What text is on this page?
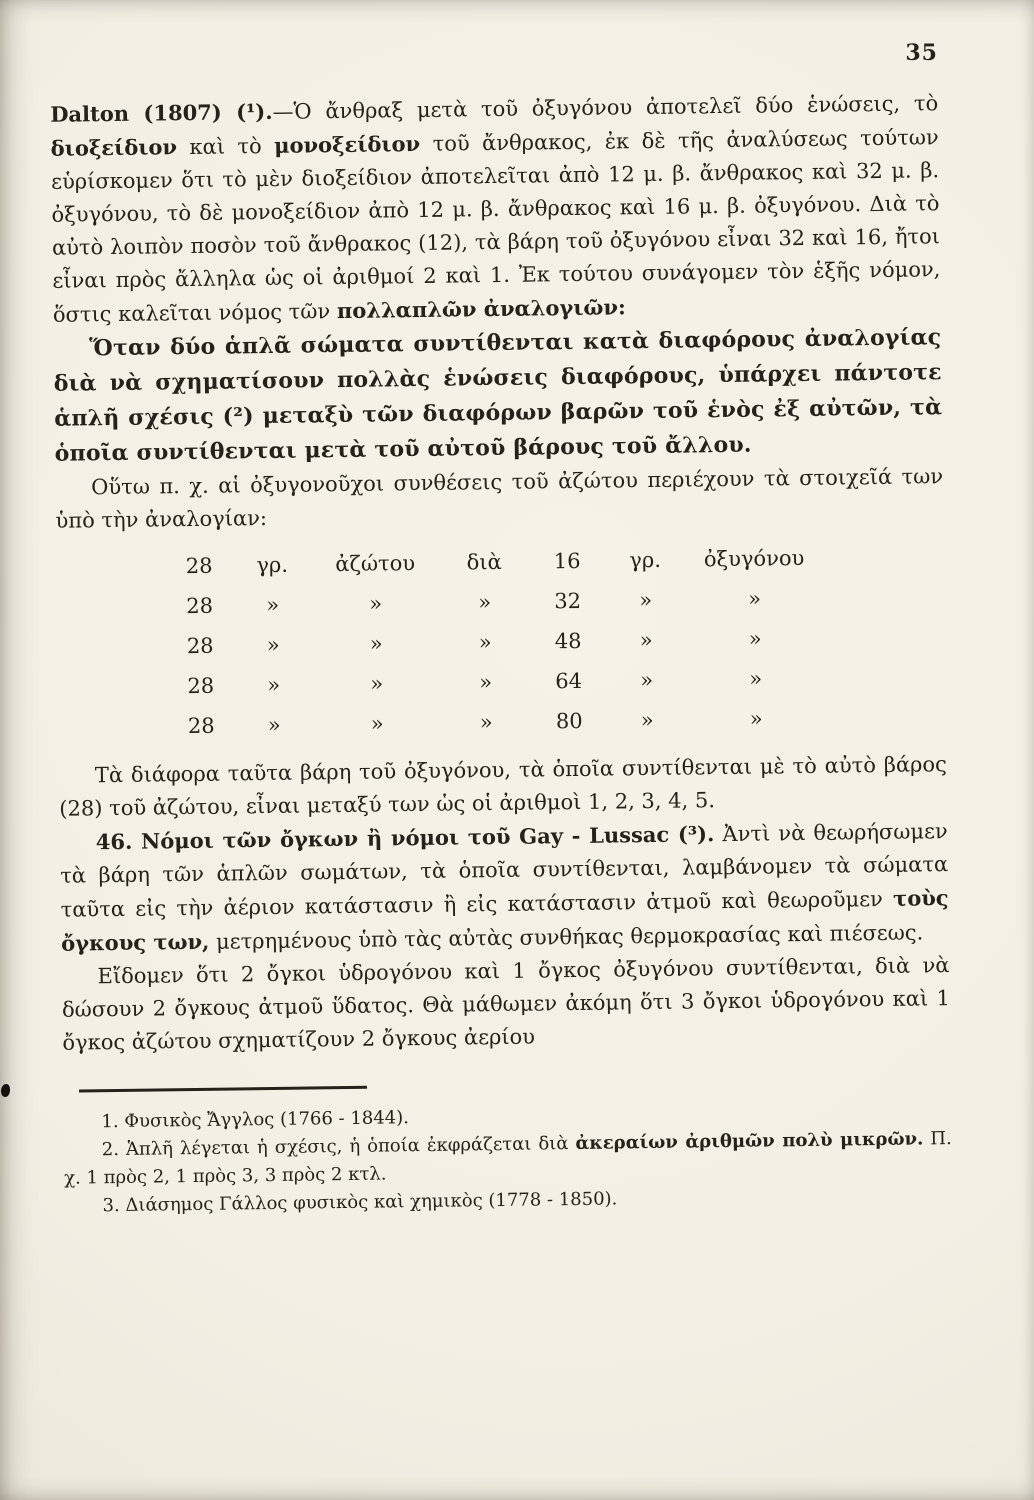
35

Dalton (1807) (¹).—Ὁ ἄνθραξ μετὰ τοῦ ὀξυγόνου ἀποτελεῖ δύο ἑνώσεις, τὸ διοξείδιον καὶ τὸ μονοξείδιον τοῦ ἄνθρακος, ἐκ δὲ τῆς ἀναλύσεως τούτων εὑρίσκομεν ὅτι τὸ μὲν διοξείδιον ἀποτελεῖται ἀπὸ 12 μ. β. ἄνθρακος καὶ 32 μ. β. ὀξυγόνου, τὸ δὲ μονοξείδιον ἀπὸ 12 μ. β. ἄνθρακος καὶ 16 μ. β. ὀξυγόνου. Διὰ τὸ αὐτὸ λοιπὸν ποσὸν τοῦ ἄνθρακος (12), τὰ βάρη τοῦ ὀξυγόνου εἶναι 32 καὶ 16, ἤτοι εἶναι πρὸς ἄλληλα ὡς οἱ ἀριθμοί 2 καὶ 1. Ἐκ τούτου συνάγομεν τὸν ἑξῆς νόμον, ὅστις καλεῖται νόμος τῶν πολλαπλῶν ἀναλογιῶν:

Ὅταν δύο ἁπλᾶ σώματα συντίθενται κατὰ διαφόρους ἀναλογίας διὰ νὰ σχηματίσουν πολλὰς ἑνώσεις διαφόρους, ὑπάρχει πάντοτε ἁπλῆ σχέσις (²) μεταξὺ τῶν διαφόρων βαρῶν τοῦ ἑνὸς ἐξ αὐτῶν, τὰ ὁποῖα συντίθενται μετὰ τοῦ αὐτοῦ βάρους τοῦ ἄλλου.

Οὕτω π. χ. αἱ ὀξυγονοῦχοι συνθέσεις τοῦ ἀζώτου περιέχουν τὰ στοιχεῖά των ὑπὸ τὴν ἀναλογίαν:

28	γρ.	ἀζώτου	διὰ	16	γρ.	ὀξυγόνου
28	»	»	»	32	»	»
28	»	»	»	48	»	»
28	»	»	»	64	»	»
28	»	»	»	80	»	»

Τὰ διάφορα ταῦτα βάρη τοῦ ὀξυγόνου, τὰ ὁποῖα συντίθενται μὲ τὸ αὐτὸ βάρος (28) τοῦ ἀζώτου, εἶναι μεταξύ των ὡς οἱ ἀριθμοὶ 1, 2, 3, 4, 5.

46. Νόμοι τῶν ὄγκων ἢ νόμοι τοῦ Gay - Lussac (³). Ἀντὶ νὰ θεωρήσωμεν τὰ βάρη τῶν ἁπλῶν σωμάτων, τὰ ὁποῖα συντίθενται, λαμβάνομεν τὰ σώματα ταῦτα εἰς τὴν ἀέριον κατάστασιν ἢ εἰς κατάστασιν ἀτμοῦ καὶ θεωροῦμεν τοὺς ὄγκους των, μετρημένους ὑπὸ τὰς αὐτὰς συνθήκας θερμοκρασίας καὶ πιέσεως.

Εἴδομεν ὅτι 2 ὄγκοι ὑδρογόνου καὶ 1 ὄγκος ὀξυγόνου συντίθενται, διὰ νὰ δώσουν 2 ὄγκους ἀτμοῦ ὕδατος. Θὰ μάθωμεν ἀκόμη ὅτι 3 ὄγκοι ὑδρογόνου καὶ 1 ὄγκος ἀζώτου σχηματίζουν 2 ὄγκους ἀερίου

1. Φυσικὸς Ἄγγλος (1766 - 1844).

2. Ἁπλῆ λέγεται ἡ σχέσις, ἡ ὁποία ἐκφράζεται διὰ ἀκεραίων ἀριθμῶν πολὺ μικρῶν. Π. χ. 1 πρὸς 2, 1 πρὸς 3, 3 πρὸς 2 κτλ.

3. Διάσημος Γάλλος φυσικὸς καὶ χημικὸς (1778 - 1850).
